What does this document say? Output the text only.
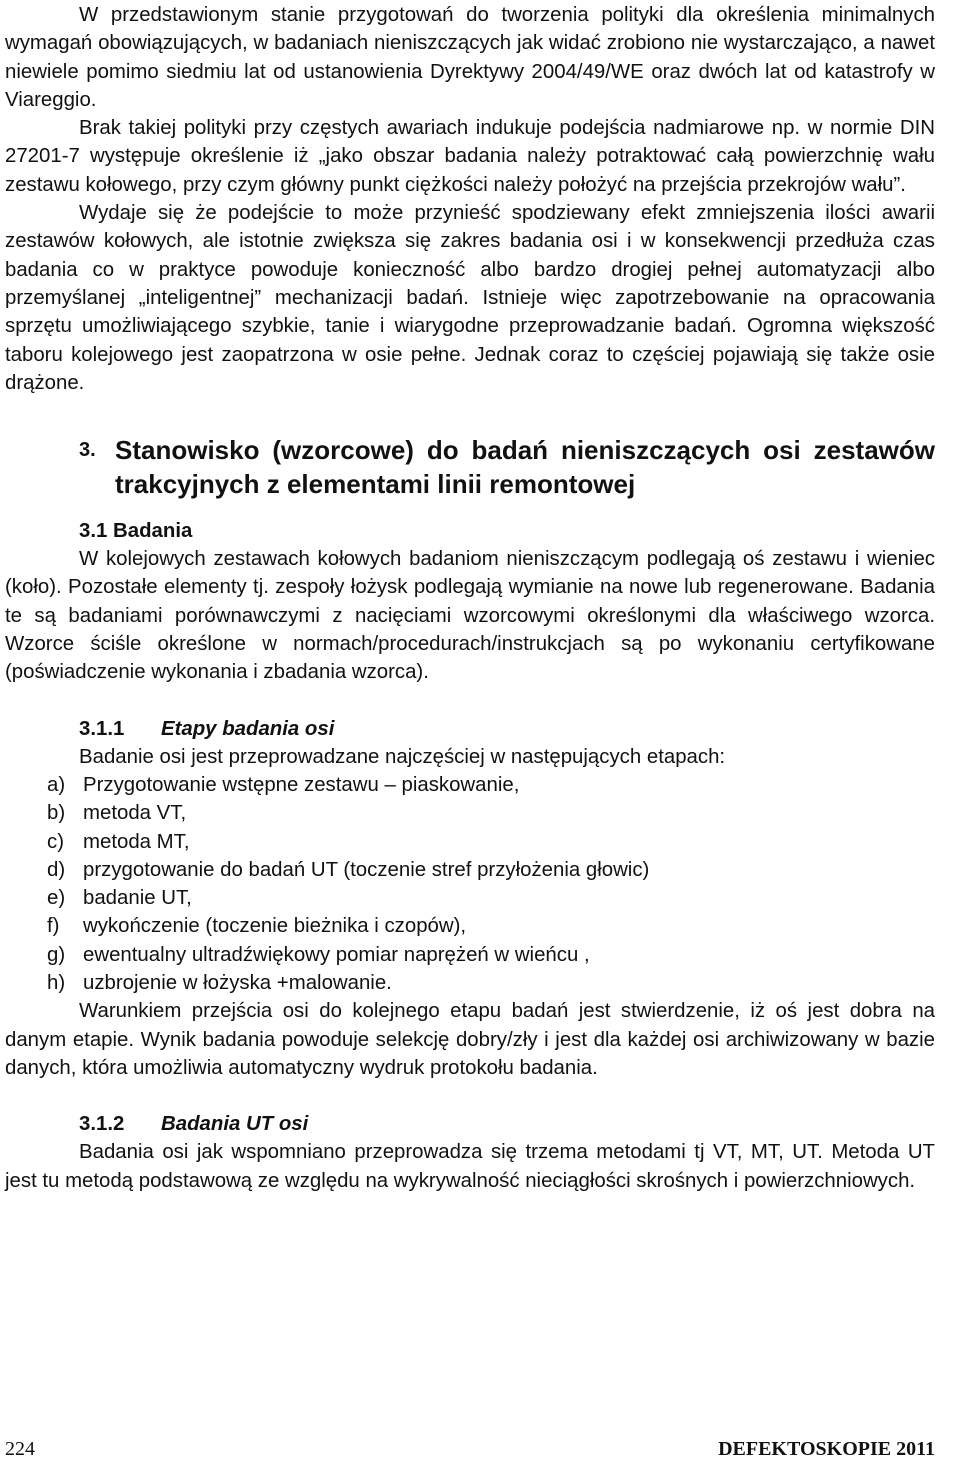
W przedstawionym stanie przygotowań do tworzenia polityki dla określenia minimalnych wymagań obowiązujących, w badaniach nieniszczących jak widać zrobiono nie wystarczająco, a nawet niewiele pomimo siedmiu lat od ustanowienia Dyrektywy 2004/49/WE oraz dwóch lat od katastrofy w Viareggio.

Brak takiej polityki przy częstych awariach indukuje podejścia nadmiarowe np. w normie DIN 27201-7 występuje określenie iż „jako obszar badania należy potraktować całą powierzchnię wału zestawu kołowego, przy czym główny punkt ciężkości należy położyć na przejścia przekrojów wału”.

Wydaje się że podejście to może przynieść spodziewany efekt zmniejszenia ilości awarii zestawów kołowych, ale istotnie zwiększa się zakres badania osi i w konsekwencji przedłuża czas badania co w praktyce powoduje konieczność albo bardzo drogiej pełnej automatyzacji albo przemyślanej „inteligentnej” mechanizacji badań. Istnieje więc zapotrzebowanie na opracowania sprzętu umożliwiającego szybkie, tanie i wiarygodne przeprowadzanie badań. Ogromna większość taboru kolejowego jest zaopatrzona w osie pełne. Jednak coraz to częściej pojawiają się także osie drążone.

3. Stanowisko (wzorcowe) do badań nieniszczących osi zestawów trakcyjnych z elementami linii remontowej
3.1 Badania

W kolejowych zestawach kołowych badaniom nieniszczącym podlegają oś zestawu i wieniec (koło). Pozostałe elementy tj. zespoły łożysk podlegają wymianie na nowe lub regenerowane. Badania te są badaniami porównawczymi z nacięciami wzorcowymi określonymi dla właściwego wzorca. Wzorce ściśle określone w normach/procedurach/instrukcjach są po wykonaniu certyfikowane (poświadczenie wykonania i zbadania wzorca).

3.1.1 Etapy badania osi

Badanie osi jest przeprowadzane najczęściej w następujących etapach:

a) Przygotowanie wstępne zestawu – piaskowanie,
b) metoda VT,
c) metoda MT,
d) przygotowanie do badań UT (toczenie stref przyłożenia głowic)
e) badanie UT,
f)	wykończenie (toczenie bieżnika i czopów),
g) ewentualny ultradźwiękowy pomiar naprężeń w wieńcu ,
h) uzbrojenie w łożyska +malowanie.

Warunkiem przejścia osi do kolejnego etapu badań jest stwierdzenie, iż oś jest dobra na danym etapie. Wynik badania powoduje selekcję dobry/zły i jest dla każdej osi archiwizowany w bazie danych, która umożliwia automatyczny wydruk protokołu badania.

3.1.2 Badania UT osi

Badania osi jak wspomniano przeprowadza się trzema metodami tj VT, MT, UT. Metoda UT jest tu metodą podstawową ze względu na wykrywalność nieciągłości skrośnych i powierzchniowych.

224	DEFEKTOSKOPIE 2011
